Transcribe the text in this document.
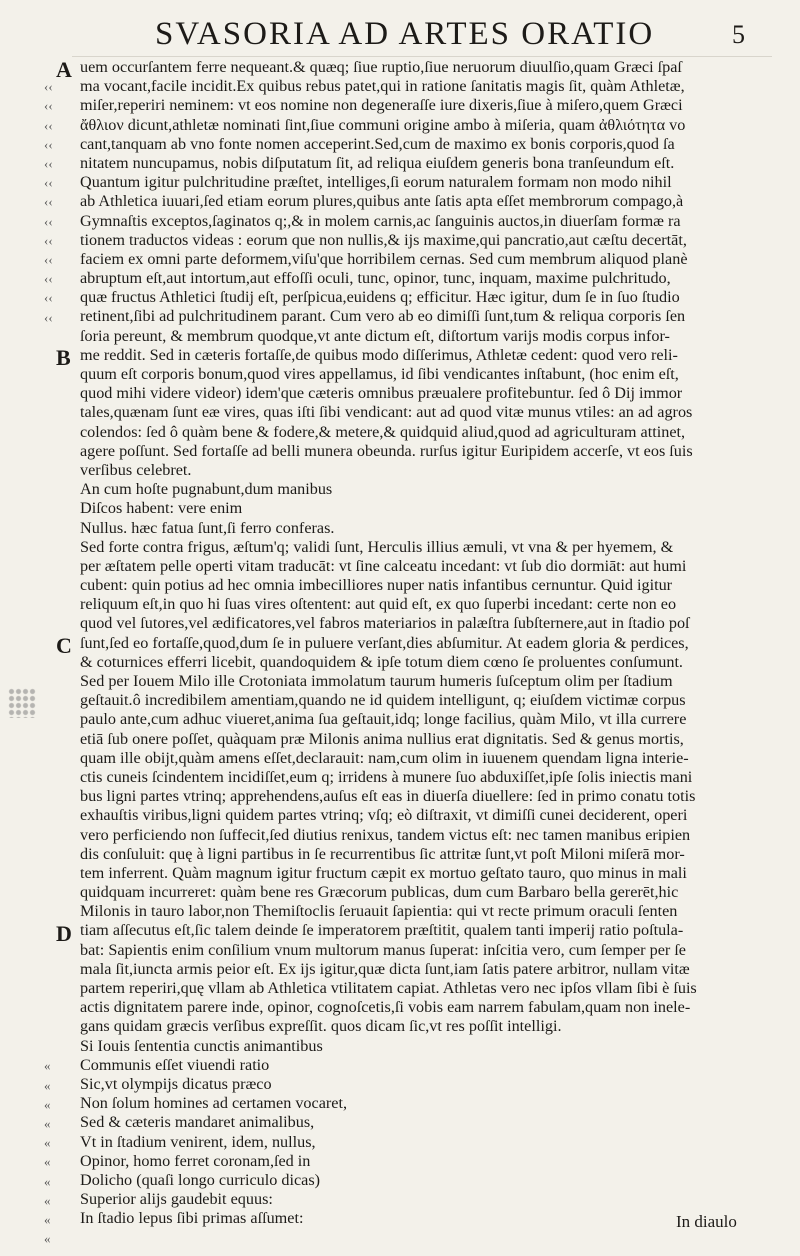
SVASORIA AD ARTES ORATIO	5
A
B
C
D
‹‹
‹‹
‹‹
‹‹
‹‹
‹‹
‹‹
‹‹
‹‹
‹‹
‹‹
‹‹
‹‹
«
«
«
«
«
«
«
«
«
«
uem occurſantem ferre nequeant.& quæq; ſiue ruptio,ſiue neruorum diuulſio,quam Græci ſpaſ
ma vocant,facile incidit.Ex quibus rebus patet,qui in ratione ſanitatis magis ſit, quàm Athletæ,
miſer,reperiri neminem: vt eos nomine non degeneraſſe iure dixeris,ſiue à miſero,quem Græci
ἄθλιον dicunt,athletæ nominati ſint,ſiue communi origine ambo à miſeria, quam ἀθλιότητα vo
cant,tanquam ab vno fonte nomen acceperint.Sed,cum de maximo ex bonis corporis,quod ſa
nitatem nuncupamus, nobis diſputatum ſit, ad reliqua eiuſdem generis bona tranſeundum eſt.
Quantum igitur pulchritudine præſtet, intelliges,ſi eorum naturalem formam non modo nihil
ab Athletica iuuari,ſed etiam eorum plures,quibus ante ſatis apta eſſet membrorum compago,à
Gymnaſtis exceptos,ſaginatos q;,& in molem carnis,ac ſanguinis auctos,in diuerſam formæ ra
tionem traductos videas : eorum que non nullis,& ijs maxime,qui pancratio,aut cæſtu decertāt,
faciem ex omni parte deformem,viſu'que horribilem cernas. Sed cum membrum aliquod planè
abruptum eſt,aut intortum,aut effoſſi oculi, tunc, opinor, tunc, inquam, maxime pulchritudo,
quæ fructus Athletici ſtudij eſt, perſpicua,euidens q; efficitur. Hæc igitur, dum ſe in ſuo ſtudio
retinent,ſibi ad pulchritudinem parant. Cum vero ab eo dimiſſi ſunt,tum & reliqua corporis ſen
ſoria pereunt, & membrum quodque,vt ante dictum eſt, diſtortum varijs modis corpus infor-
me reddit. Sed in cæteris fortaſſe,de quibus modo diſſerimus, Athletæ cedent: quod vero reli-
quum eſt corporis bonum,quod vires appellamus, id ſibi vendicantes inſtabunt, (hoc enim eſt,
quod mihi videre videor) idem'que cæteris omnibus præualere profitebuntur. ſed ô Dij immor
tales,quænam ſunt eæ vires, quas iſti ſibi vendicant: aut ad quod vitæ munus vtiles: an ad agros
colendos: ſed ô quàm bene & fodere,& metere,& quidquid aliud,quod ad agriculturam attinet,
agere poſſunt. Sed fortaſſe ad belli munera obeunda. rurſus igitur Euripidem accerſe, vt eos ſuis
verſibus celebret.
An cum hoſte pugnabunt,dum manibus
Diſcos habent: vere enim
Nullus. hæc fatua ſunt,ſi ferro conferas.
Sed forte contra frigus, æſtum'q; validi ſunt, Herculis illius æmuli, vt vna & per hyemem, &
per æſtatem pelle operti vitam traducāt: vt ſine calceatu incedant: vt ſub dio dormiāt: aut humi
cubent: quin potius ad hec omnia imbecilliores nuper natis infantibus cernuntur. Quid igitur
reliquum eſt,in quo hi ſuas vires oſtentent: aut quid eſt, ex quo ſuperbi incedant: certe non eo
quod vel ſutores,vel ædificatores,vel fabros materiarios in palæſtra ſubſternere,aut in ſtadio poſ
ſunt,ſed eo fortaſſe,quod,dum ſe in puluere verſant,dies abſumitur. At eadem gloria & perdices,
& coturnices efferri licebit, quandoquidem & ipſe totum diem cœno ſe proluentes conſumunt.
Sed per Iouem Milo ille Crotoniata immolatum taurum humeris ſuſceptum olim per ſtadium
geſtauit.ô incredibilem amentiam,quando ne id quidem intelligunt, q; eiuſdem victimæ corpus
paulo ante,cum adhuc viueret,anima ſua geſtauit,idq; longe facilius, quàm Milo, vt illa currere
etiā ſub onere poſſet, quàquam præ Milonis anima nullius erat dignitatis. Sed & genus mortis,
quam ille obijt,quàm amens eſſet,declarauit: nam,cum olim in iuuenem quendam ligna interie-
ctis cuneis ſcindentem incidiſſet,eum q; irridens à munere ſuo abduxiſſet,ipſe ſolis iniectis mani
bus ligni partes vtrinq; apprehendens,auſus eſt eas in diuerſa diuellere: ſed in primo conatu totis
exhauſtis viribus,ligni quidem partes vtrinq; vſq; eò diſtraxit, vt dimiſſi cunei deciderent, operi
vero perficiendo non ſuffecit,ſed diutius renixus, tandem victus eſt: nec tamen manibus eripien
dis conſuluit: quę à ligni partibus in ſe recurrentibus ſic attritæ ſunt,vt poſt Miloni miſerā mor-
tem inferrent. Quàm magnum igitur fructum cæpit ex mortuo geſtato tauro, quo minus in mali
quidquam incurreret: quàm bene res Græcorum publicas, dum cum Barbaro bella gererēt,hic
Milonis in tauro labor,non Themiſtoclis ſeruauit ſapientia: qui vt recte primum oraculi ſenten
tiam aſſecutus eſt,ſic talem deinde ſe imperatorem præſtitit, qualem tanti imperij ratio poſtula-
bat: Sapientis enim conſilium vnum multorum manus ſuperat: inſcitia vero, cum ſemper per ſe
mala ſit,iuncta armis peior eſt. Ex ijs igitur,quæ dicta ſunt,iam ſatis patere arbitror, nullam vitæ
partem reperiri,quę vllam ab Athletica vtilitatem capiat. Athletas vero nec ipſos vllam ſibi è ſuis
actis dignitatem parere inde, opinor, cognoſcetis,ſi vobis eam narrem fabulam,quam non inele-
gans quidam græcis verſibus expreſſit. quos dicam ſic,vt res poſſit intelligi.
Si Iouis ſententia cunctis animantibus
Communis eſſet viuendi ratio
Sic,vt olympijs dicatus præco
Non ſolum homines ad certamen vocaret,
Sed & cæteris mandaret animalibus,
Vt in ſtadium venirent, idem, nullus,
Opinor, homo ferret coronam,ſed in
Dolicho (quaſi longo curriculo dicas)
Superior alijs gaudebit equus:
In ſtadio lepus ſibi primas aſſumet:	In diaulo
